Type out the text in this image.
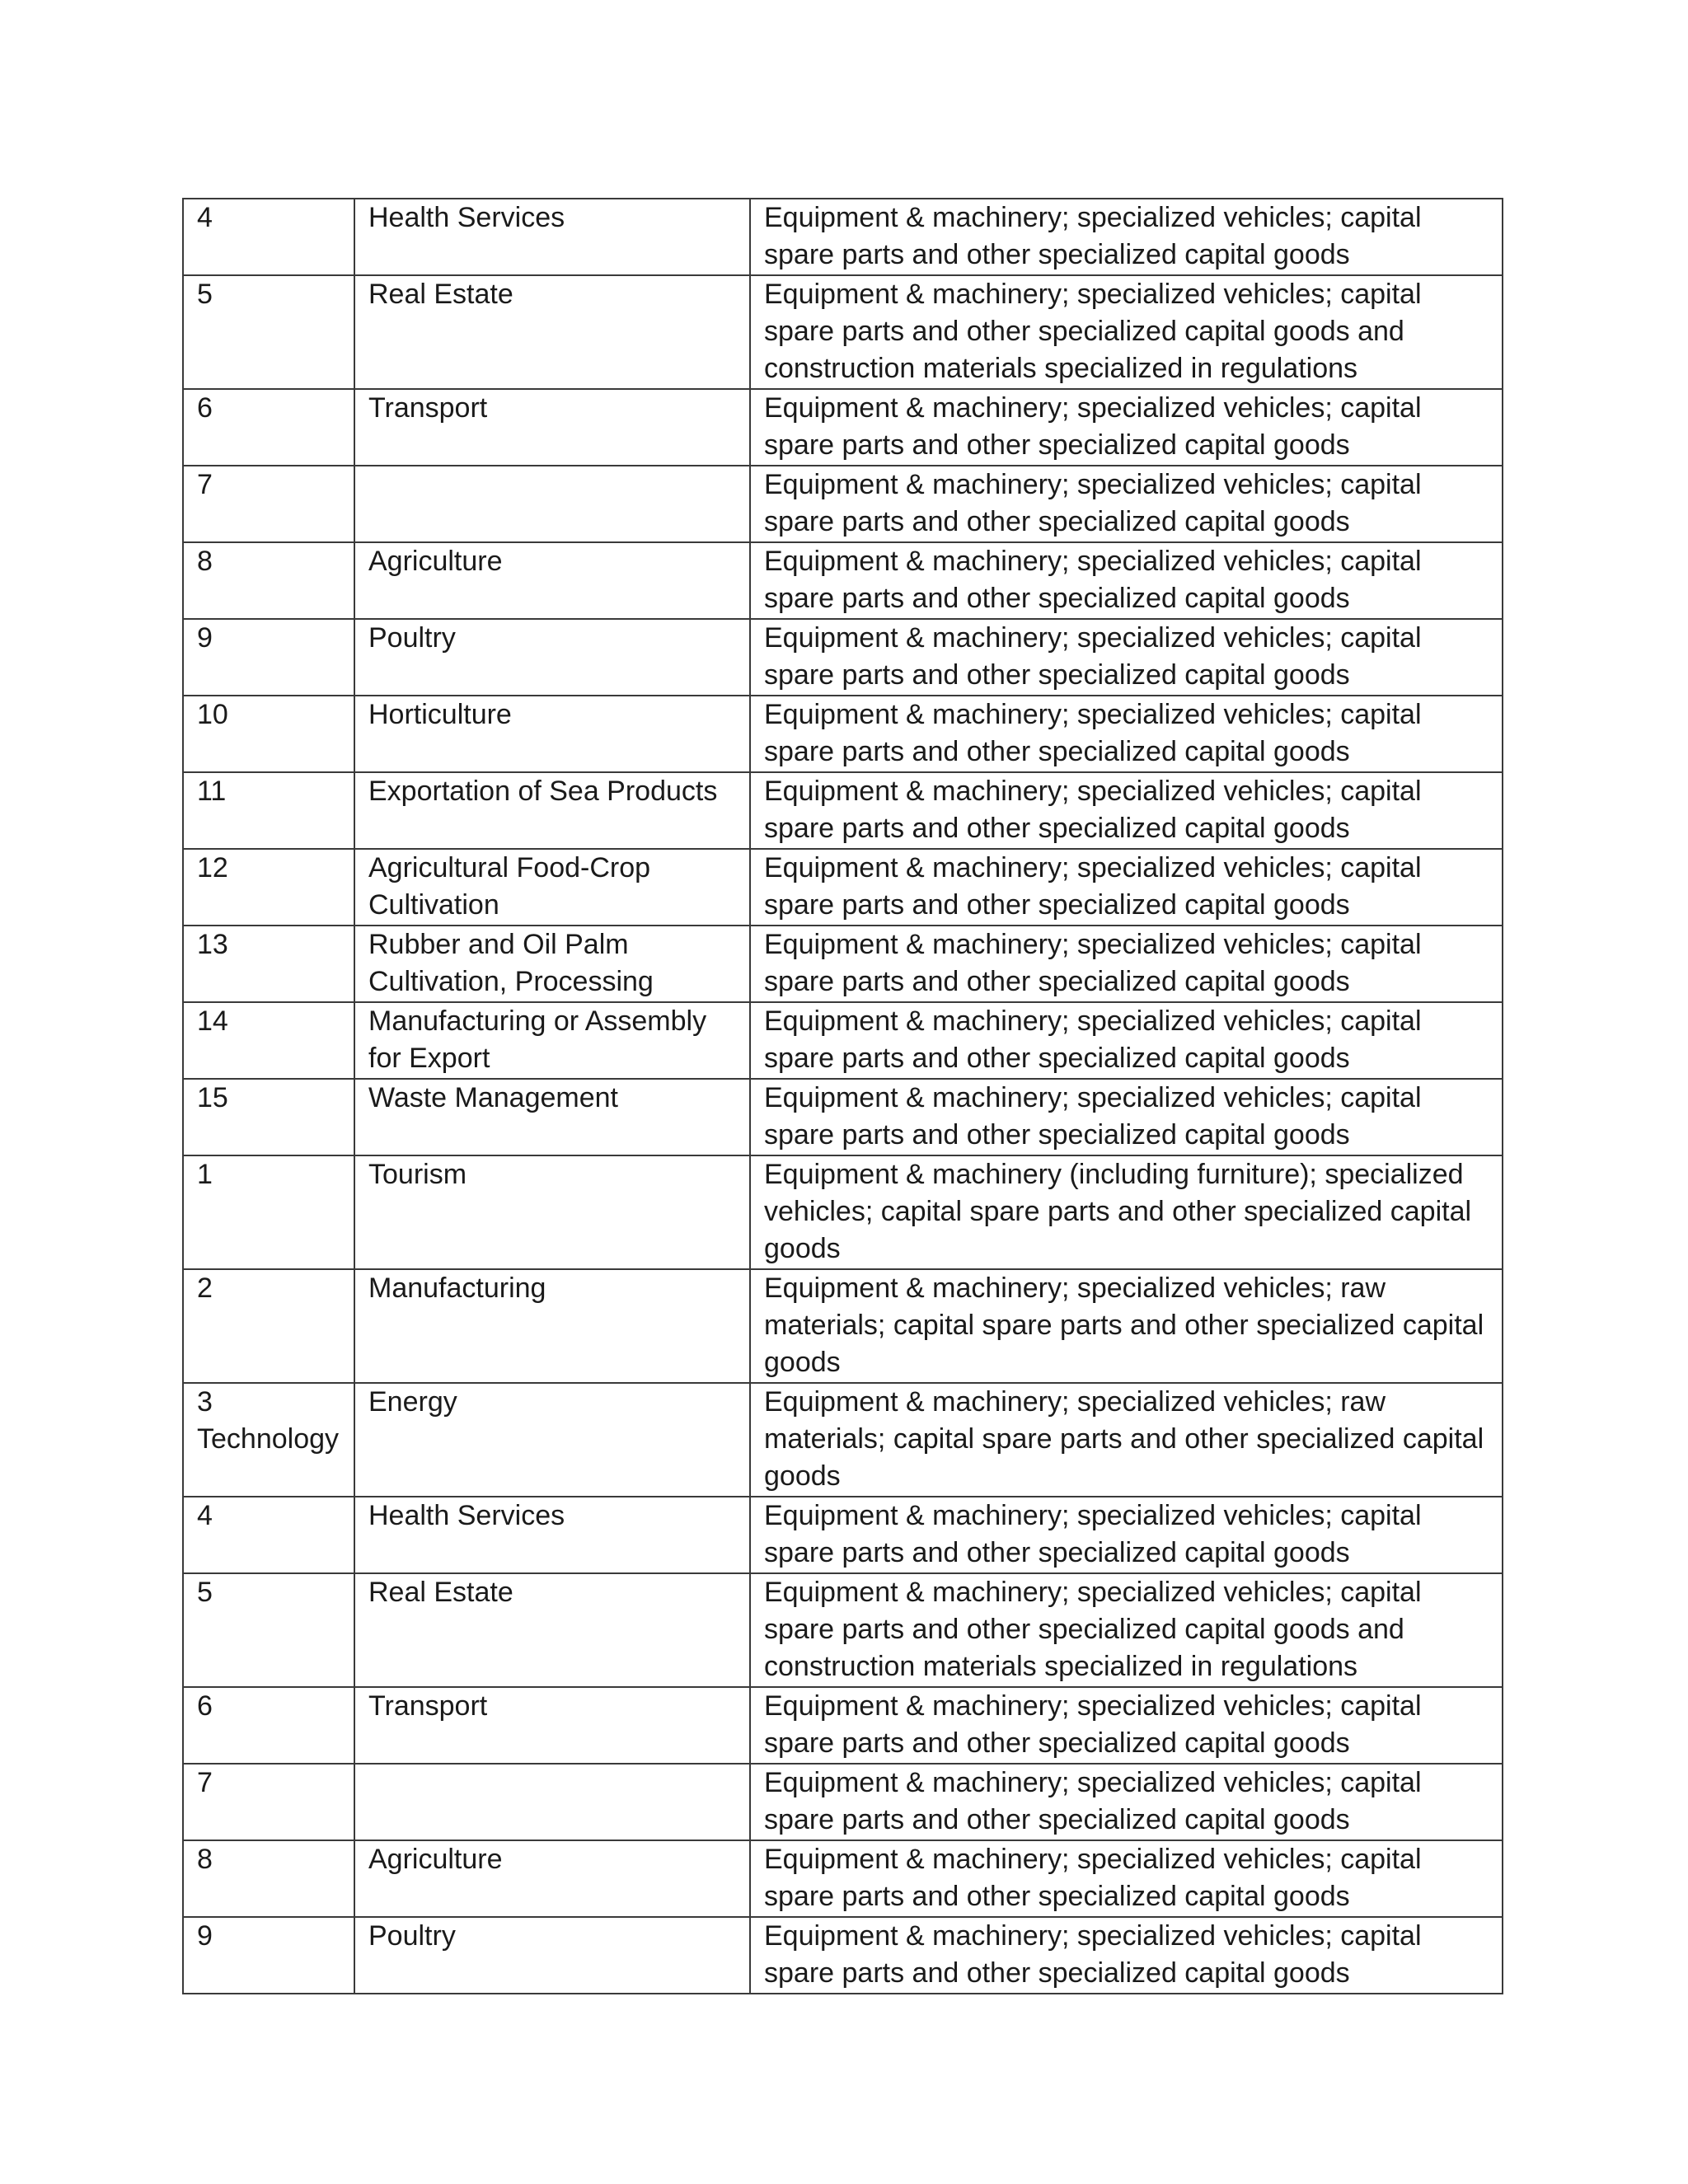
4	Health Services	Equipment & machinery; specialized vehicles; capital
spare parts and other specialized capital goods
5	Real Estate	Equipment & machinery; specialized vehicles; capital
spare parts and other specialized capital goods and
construction materials specialized in regulations
6	Transport	Equipment & machinery; specialized vehicles; capital
spare parts and other specialized capital goods
7		Equipment & machinery; specialized vehicles; capital
spare parts and other specialized capital goods
8	Agriculture	Equipment & machinery; specialized vehicles; capital
spare parts and other specialized capital goods
9	Poultry	Equipment & machinery; specialized vehicles; capital
spare parts and other specialized capital goods
10	Horticulture	Equipment & machinery; specialized vehicles; capital
spare parts and other specialized capital goods
11	Exportation of Sea Products	Equipment & machinery; specialized vehicles; capital
spare parts and other specialized capital goods
12	Agricultural Food-Crop
Cultivation	Equipment & machinery; specialized vehicles; capital
spare parts and other specialized capital goods
13	Rubber and Oil Palm
Cultivation, Processing	Equipment & machinery; specialized vehicles; capital
spare parts and other specialized capital goods
14	Manufacturing or Assembly
for Export	Equipment & machinery; specialized vehicles; capital
spare parts and other specialized capital goods
15	Waste Management	Equipment & machinery; specialized vehicles; capital
spare parts and other specialized capital goods
1	Tourism	Equipment & machinery (including furniture); specialized
vehicles; capital spare parts and other specialized capital
goods
2	Manufacturing	Equipment & machinery; specialized vehicles; raw
materials; capital spare parts and other specialized capital
goods
3
Technology	Energy	Equipment & machinery; specialized vehicles; raw
materials; capital spare parts and other specialized capital
goods
4	Health Services	Equipment & machinery; specialized vehicles; capital
spare parts and other specialized capital goods
5	Real Estate	Equipment & machinery; specialized vehicles; capital
spare parts and other specialized capital goods and
construction materials specialized in regulations
6	Transport	Equipment & machinery; specialized vehicles; capital
spare parts and other specialized capital goods
7		Equipment & machinery; specialized vehicles; capital
spare parts and other specialized capital goods
8	Agriculture	Equipment & machinery; specialized vehicles; capital
spare parts and other specialized capital goods
9	Poultry	Equipment & machinery; specialized vehicles; capital
spare parts and other specialized capital goods
